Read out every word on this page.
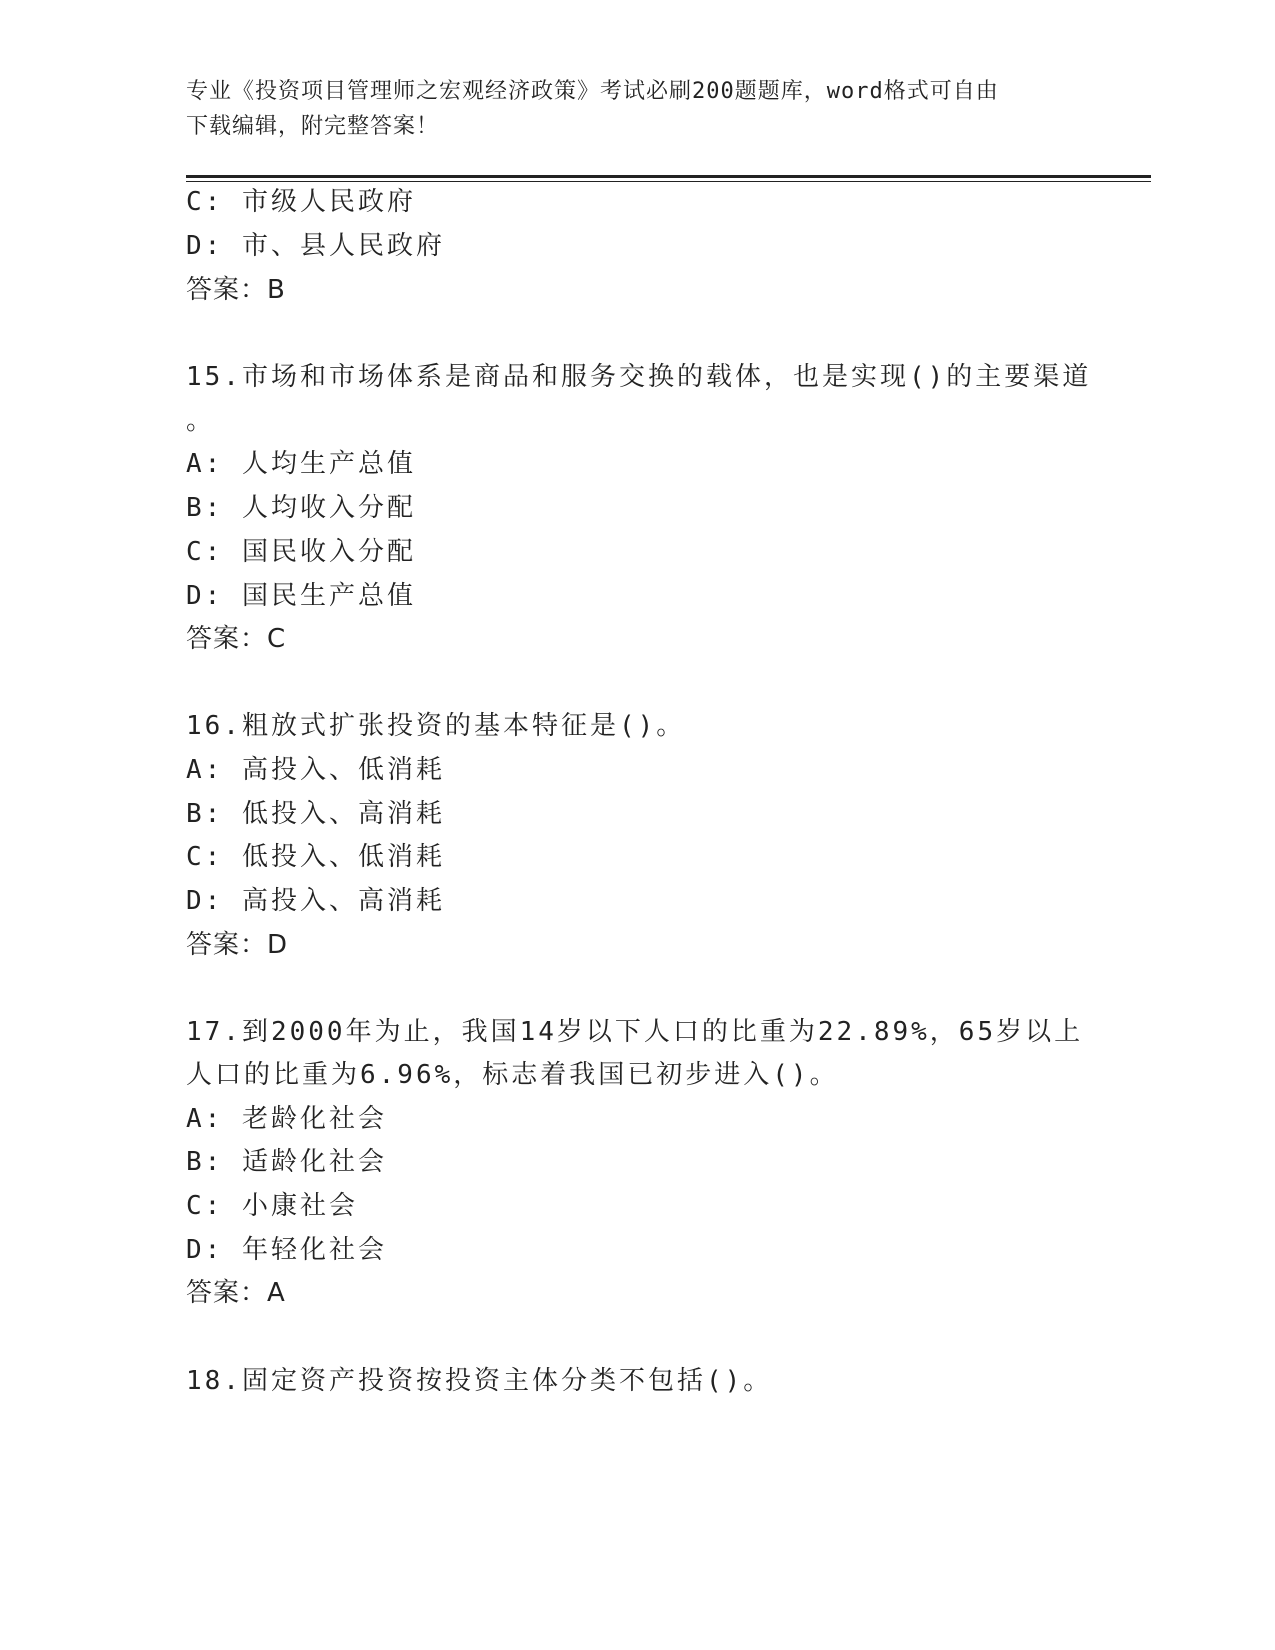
专业《投资项目管理师之宏观经济政策》考试必刷200题题库，word格式可自由
下载编辑，附完整答案！
C: 市级人民政府
D: 市、县人民政府
答案：B
15.市场和市场体系是商品和服务交换的载体，也是实现()的主要渠道
。
A: 人均生产总值
B: 人均收入分配
C: 国民收入分配
D: 国民生产总值
答案：C
16.粗放式扩张投资的基本特征是()。
A: 高投入、低消耗
B: 低投入、高消耗
C: 低投入、低消耗
D: 高投入、高消耗
答案：D
17.到2000年为止，我国14岁以下人口的比重为22.89%，65岁以上
人口的比重为6.96%，标志着我国已初步进入()。
A: 老龄化社会
B: 适龄化社会
C: 小康社会
D: 年轻化社会
答案：A
18.固定资产投资按投资主体分类不包括()。
